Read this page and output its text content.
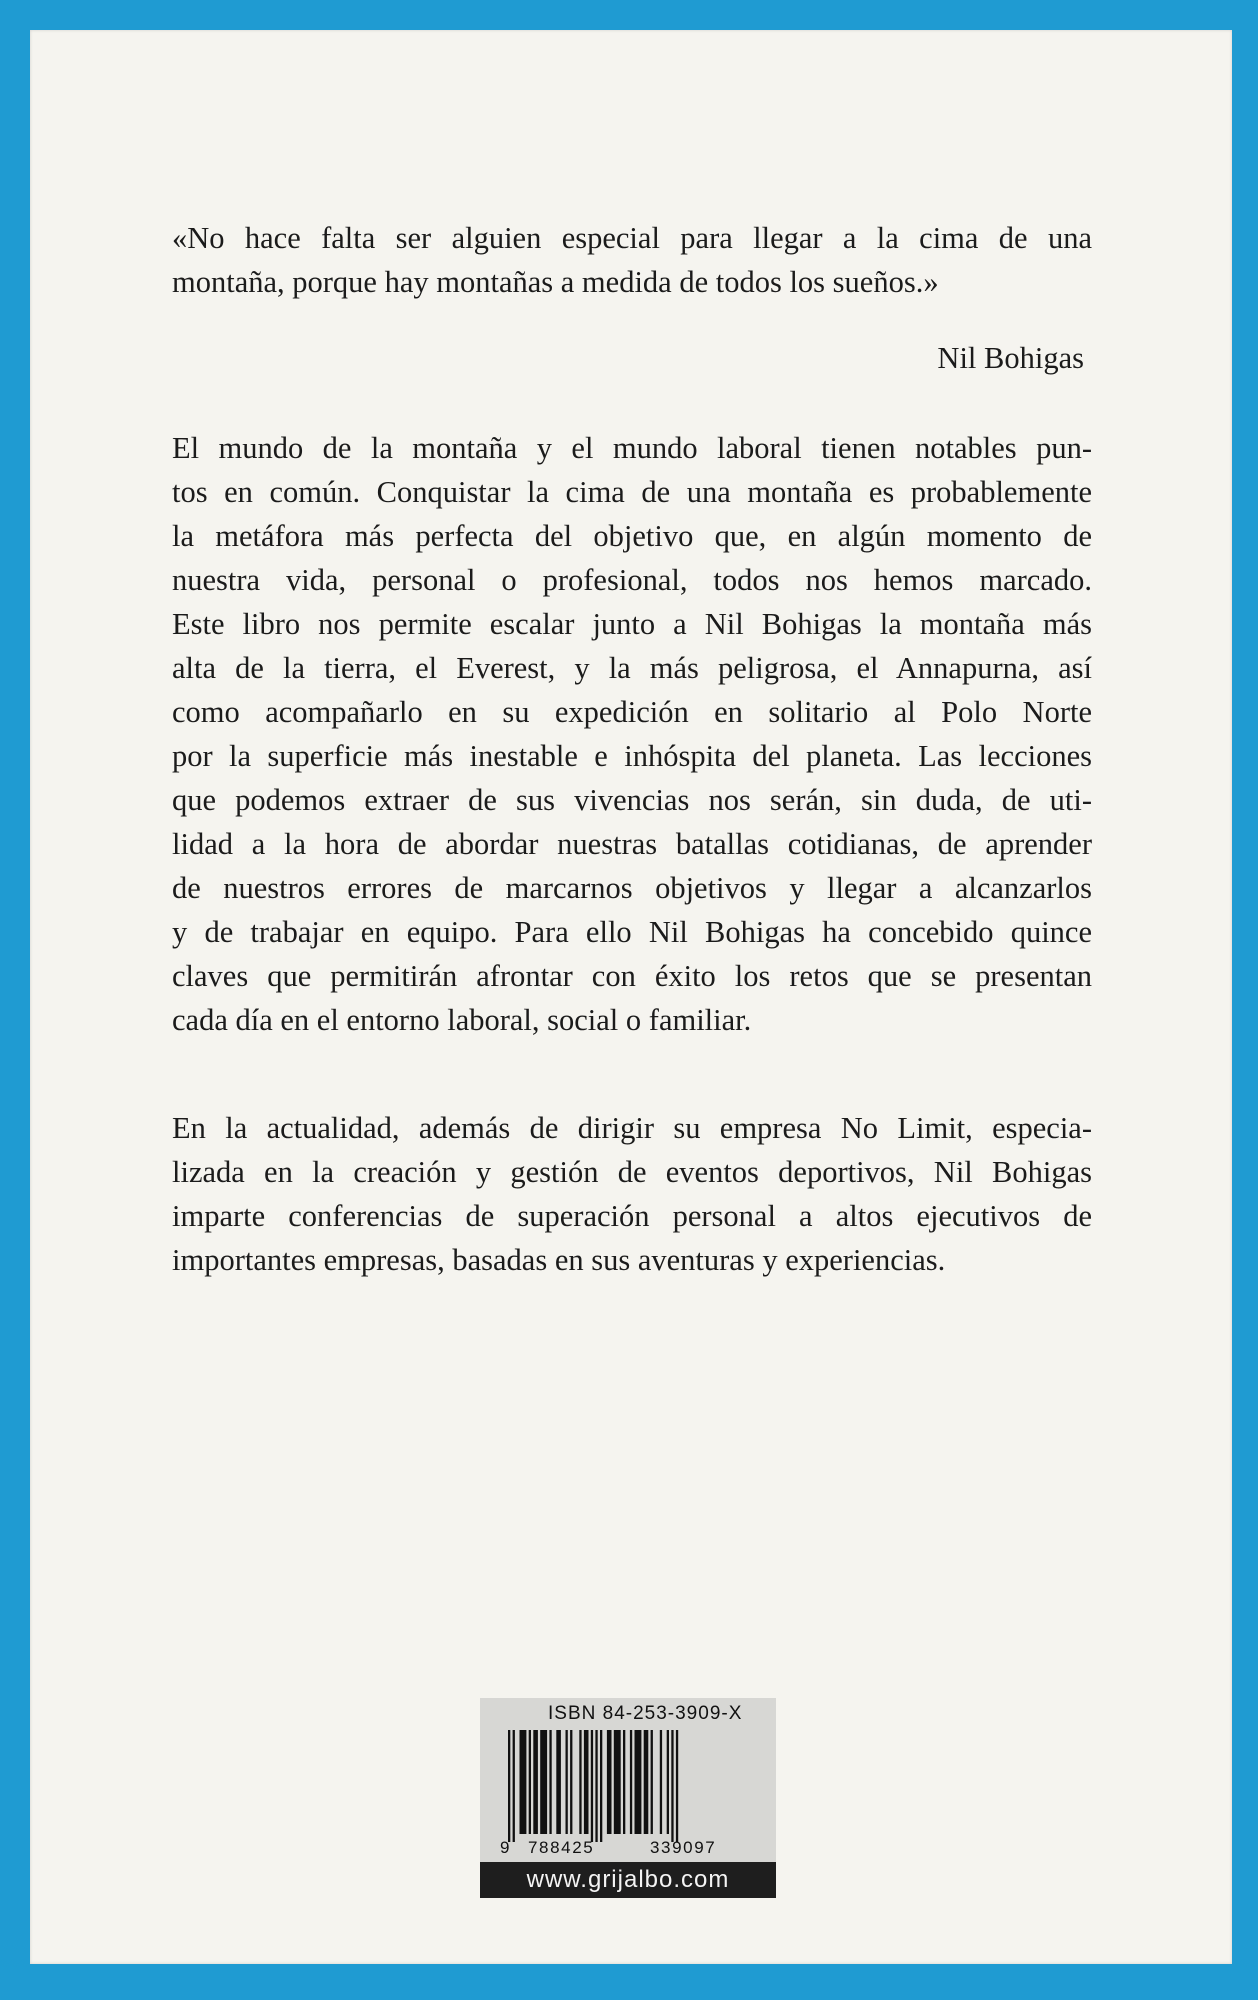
«No hace falta ser alguien especial para llegar a la cima de una
montaña, porque hay montañas a medida de todos los sueños.»
Nil Bohigas
El mundo de la montaña y el mundo laboral tienen notables pun-
tos en común. Conquistar la cima de una montaña es probablemente
la metáfora más perfecta del objetivo que, en algún momento de
nuestra vida, personal o profesional, todos nos hemos marcado.
Este libro nos permite escalar junto a Nil Bohigas la montaña más
alta de la tierra, el Everest, y la más peligrosa, el Annapurna, así
como acompañarlo en su expedición en solitario al Polo Norte
por la superficie más inestable e inhóspita del planeta. Las lecciones
que podemos extraer de sus vivencias nos serán, sin duda, de uti-
lidad a la hora de abordar nuestras batallas cotidianas, de aprender
de nuestros errores de marcarnos objetivos y llegar a alcanzarlos
y de trabajar en equipo. Para ello Nil Bohigas ha concebido quince
claves que permitirán afrontar con éxito los retos que se presentan
cada día en el entorno laboral, social o familiar.
En la actualidad, además de dirigir su empresa No Limit, especia-
lizada en la creación y gestión de eventos deportivos, Nil Bohigas
imparte conferencias de superación personal a altos ejecutivos de
importantes empresas, basadas en sus aventuras y experiencias.
ISBN 84-253-3909-X
9 788425	339097
www.grijalbo.com
